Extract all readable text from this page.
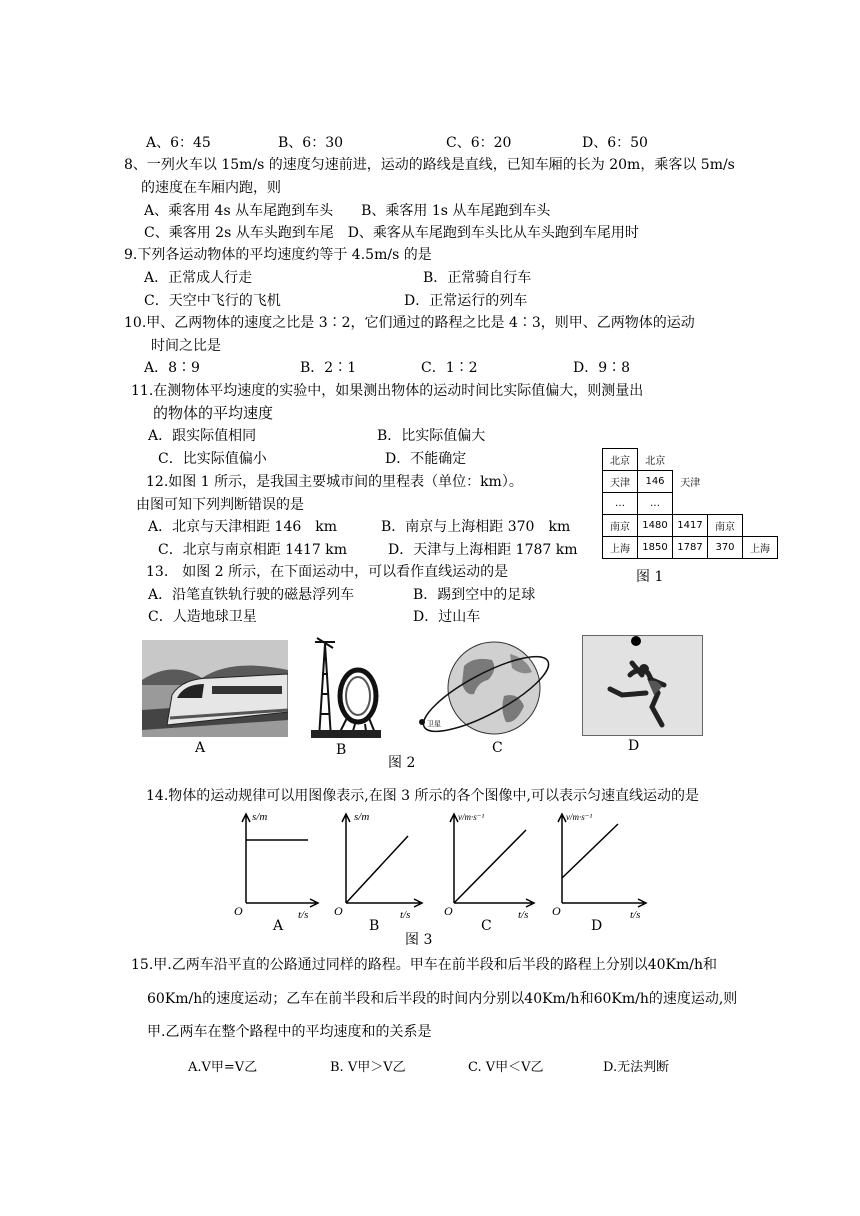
A、6：45	B、6：30	C、6：20	D、6：50
8、一列火车以 15m/s 的速度匀速前进，运动的路线是直线，已知车厢的长为 20m，乘客以 5m/s
的速度在车厢内跑，则
A、乘客用 4s 从车尾跑到车头　　B、乘客用 1s 从车尾跑到车头
C、乘客用 2s 从车头跑到车尾　D、乘客从车尾跑到车头比从车头跑到车尾用时
9.下列各运动物体的平均速度约等于 4.5m/s 的是
A．正常成人行走	B．正常骑自行车
C．天空中飞行的飞机	D．正常运行的列车
10.甲、乙两物体的速度之比是 3∶2，它们通过的路程之比是 4∶3，则甲、乙两物体的运动
时间之比是
A．8∶9	B．2∶1	C．1∶2	D．9∶8
11.在测物体平均速度的实验中，如果测出物体的运动时间比实际值偏大，则测量出
的物体的平均速度
A．跟实际值相同	B．比实际值偏大
C．比实际值偏小	D．不能确定
12.如图 1 所示，是我国主要城市间的里程表（单位：km）。
由图可知下列判断错误的是
A．北京与天津相距 146　km	B．南京与上海相距 370　km
C．北京与南京相距 1417 km	D．天津与上海相距 1787 km
北京	北京			
天津	146	天津		
…	…			
南京	1480	1417	南京	
上海	1850	1787	370	上海
图 1
13.　如图 2 所示，在下面运动中，可以看作直线运动的是
A．沿笔直铁轨行驶的磁悬浮列车	B．踢到空中的足球
C．人造地球卫星	D．过山车
卫星
A	B
图 2
C	D
14.物体的运动规律可以用图像表示,在图 3 所示的各个图像中,可以表示匀速直线运动的是
s/m
t/s
O
s/m
t/s
O
v/m·s⁻¹
t/s
O
v/m·s⁻¹
t/s
O
A	B	C	D
图 3
15.甲.乙两车沿平直的公路通过同样的路程。甲车在前半段和后半段的路程上分别以40Km/h和
60Km/h的速度运动；乙车在前半段和后半段的时间内分别以40Km/h和60Km/h的速度运动,则
甲.乙两车在整个路程中的平均速度和的关系是
A.V甲=V乙	B. V甲＞V乙	C. V甲＜V乙	D.无法判断
